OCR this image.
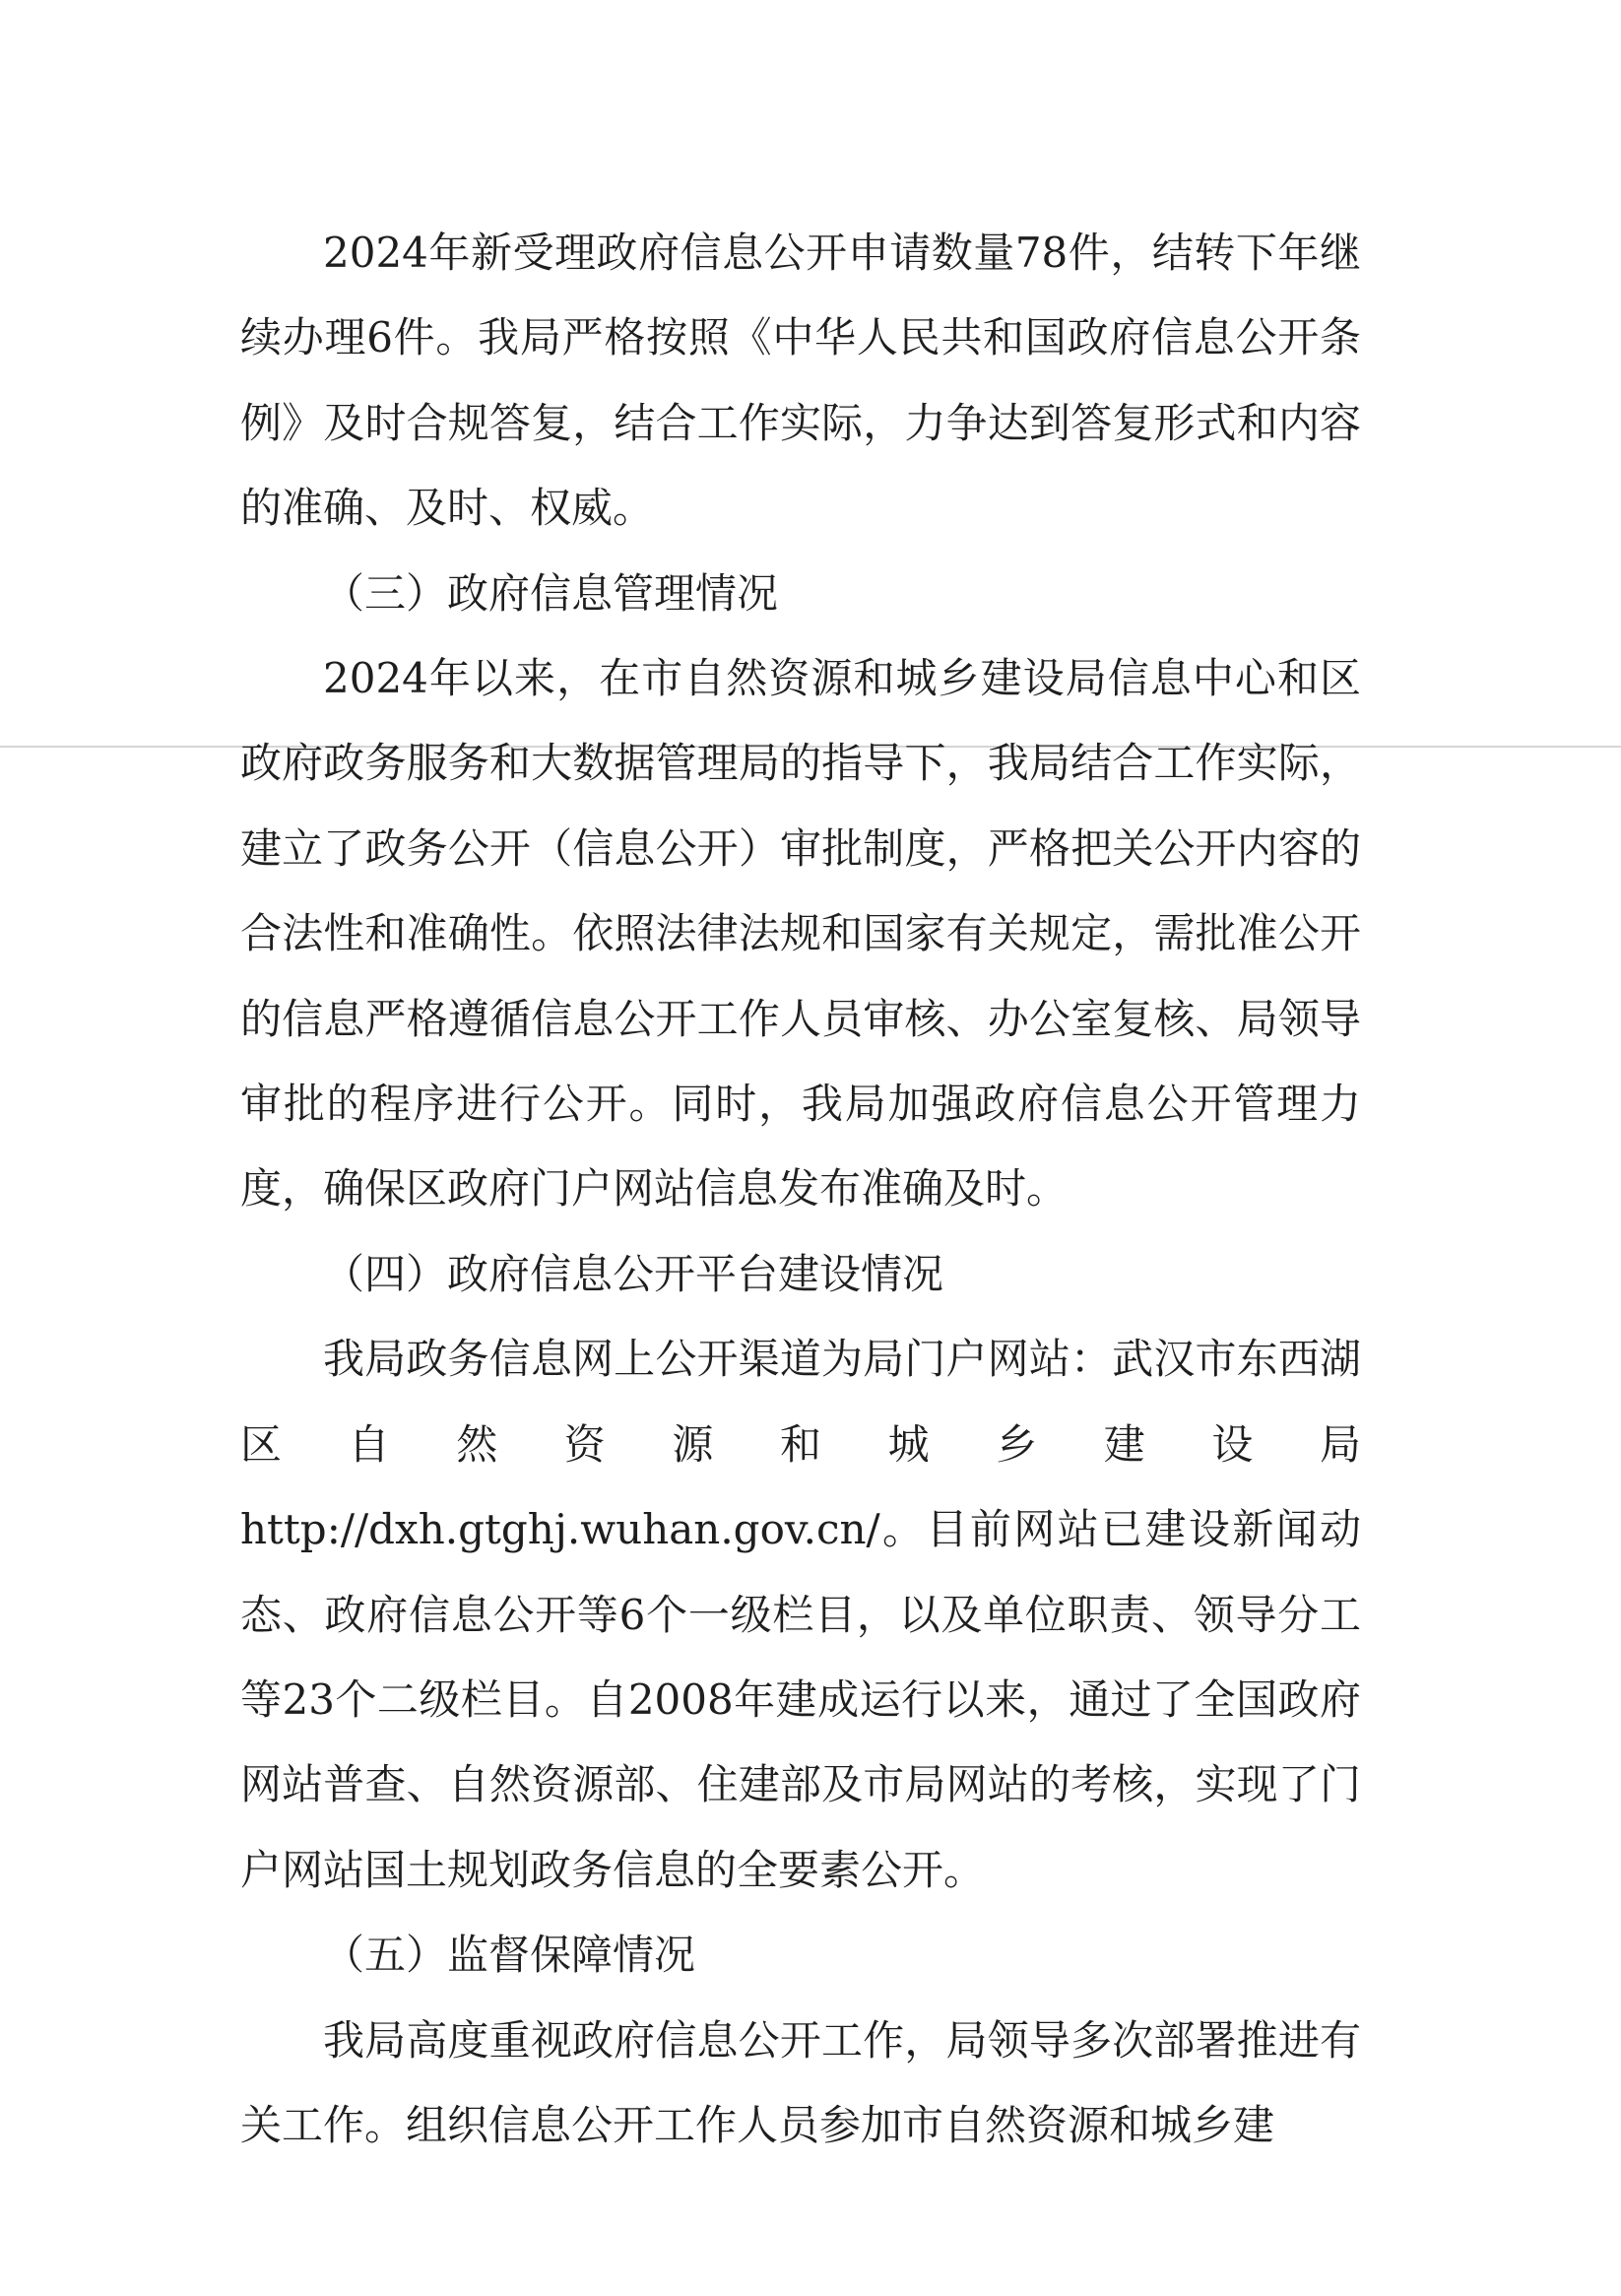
2024年新受理政府信息公开申请数量78件，结转下年继续办理6件。我局严格按照《中华人民共和国政府信息公开条例》及时合规答复，结合工作实际，力争达到答复形式和内容的准确、及时、权威。

（三）政府信息管理情况

2024年以来，在市自然资源和城乡建设局信息中心和区政府政务服务和大数据管理局的指导下，我局结合工作实际，建立了政务公开（信息公开）审批制度，严格把关公开内容的合法性和准确性。依照法律法规和国家有关规定，需批准公开的信息严格遵循信息公开工作人员审核、办公室复核、局领导审批的程序进行公开。同时，我局加强政府信息公开管理力度，确保区政府门户网站信息发布准确及时。

（四）政府信息公开平台建设情况

我局政务信息网上公开渠道为局门户网站：武汉市东西湖区自然资源和城乡建设局http://dxh.gtghj.wuhan.gov.cn/。目前网站已建设新闻动态、政府信息公开等6个一级栏目，以及单位职责、领导分工等23个二级栏目。自2008年建成运行以来，通过了全国政府网站普查、自然资源部、住建部及市局网站的考核，实现了门户网站国土规划政务信息的全要素公开。

（五）监督保障情况

我局高度重视政府信息公开工作，局领导多次部署推进有关工作。组织信息公开工作人员参加市自然资源和城乡建
